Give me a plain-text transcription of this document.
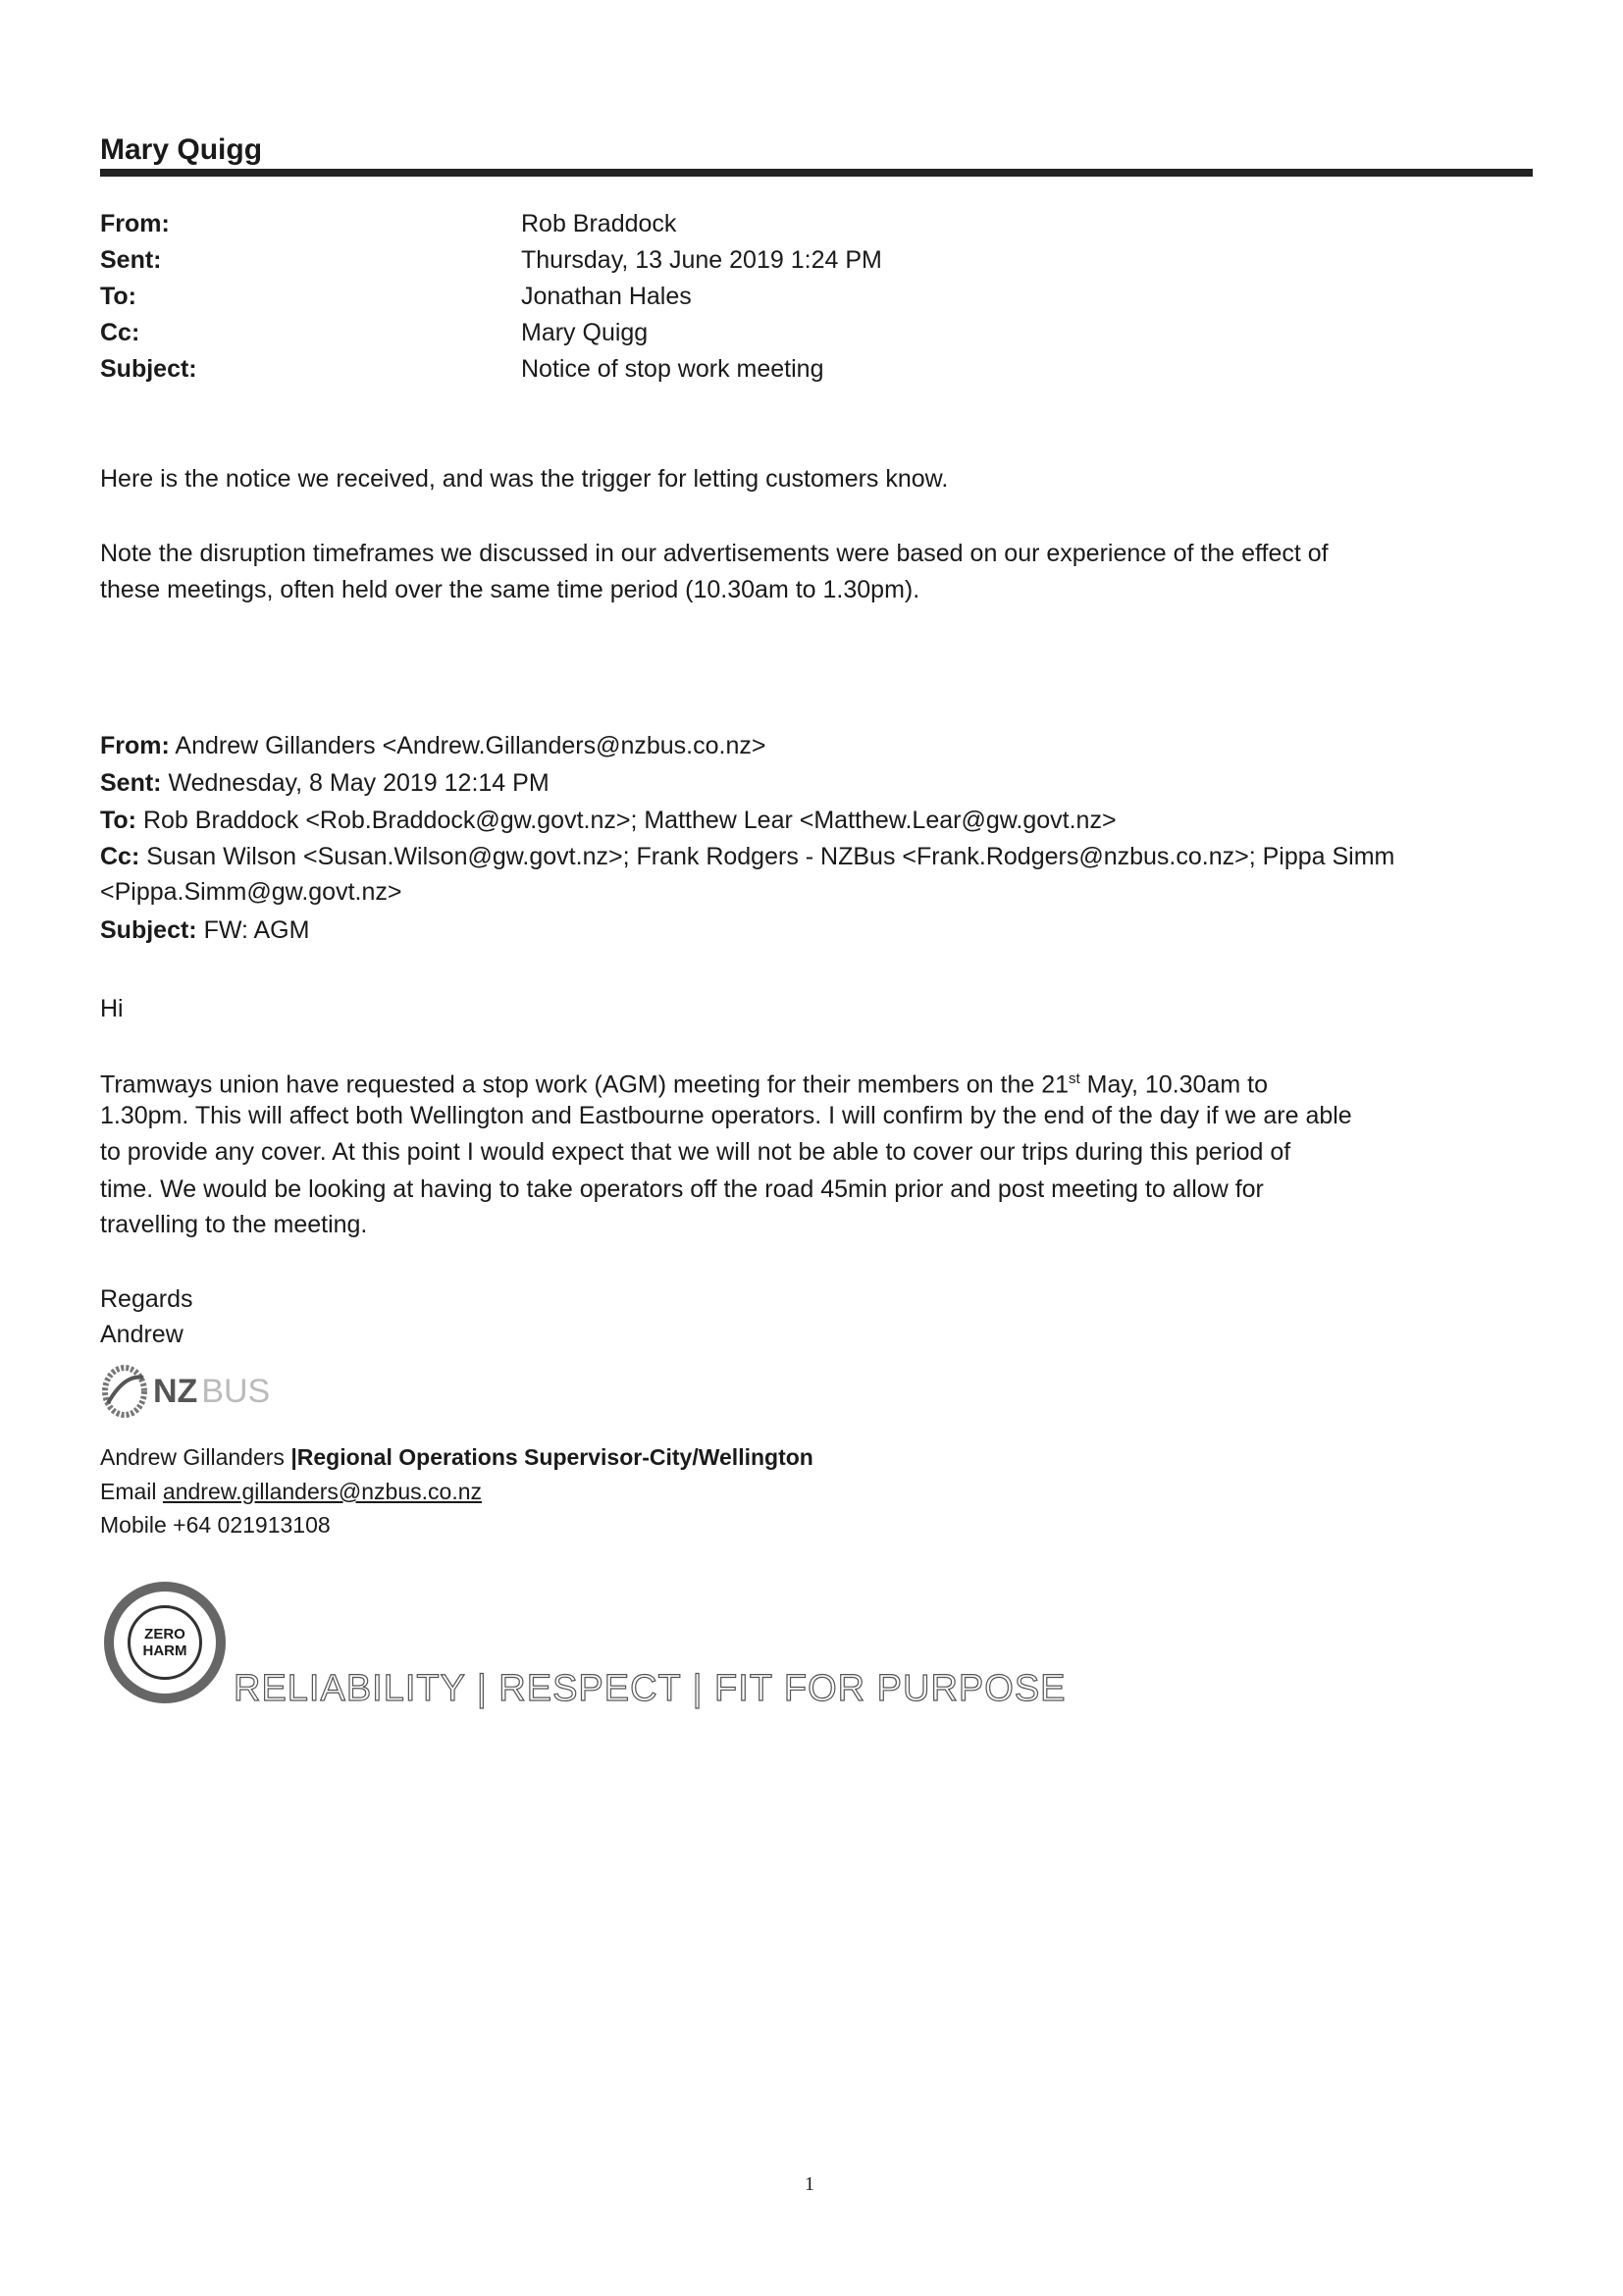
Mary Quigg
From:	Rob Braddock
Sent:	Thursday, 13 June 2019 1:24 PM
To:	Jonathan Hales
Cc:	Mary Quigg
Subject:	Notice of stop work meeting
Here is the notice we received, and was the trigger for letting customers know.
Note the disruption timeframes we discussed in our advertisements were based on our experience of the effect of
these meetings, often held over the same time period (10.30am to 1.30pm).
From: Andrew Gillanders <Andrew.Gillanders@nzbus.co.nz>
Sent: Wednesday, 8 May 2019 12:14 PM
To: Rob Braddock <Rob.Braddock@gw.govt.nz>; Matthew Lear <Matthew.Lear@gw.govt.nz>
Cc: Susan Wilson <Susan.Wilson@gw.govt.nz>; Frank Rodgers - NZBus <Frank.Rodgers@nzbus.co.nz>; Pippa Simm
<Pippa.Simm@gw.govt.nz>
Subject: FW: AGM
Hi
Tramways union have requested a stop work (AGM) meeting for their members on the 21st May, 10.30am to
1.30pm. This will affect both Wellington and Eastbourne operators. I will confirm by the end of the day if we are able
to provide any cover. At this point I would expect that we will not be able to cover our trips during this period of
time. We would be looking at having to take operators off the road 45min prior and post meeting to allow for
travelling to the meeting.
Regards
Andrew
NZ BUS
Andrew Gillanders |Regional Operations Supervisor-City/Wellington
Email andrew.gillanders@nzbus.co.nz
Mobile +64 021913108
ZERO
HARM
RELIABILITY | RESPECT | FIT FOR PURPOSE
1
